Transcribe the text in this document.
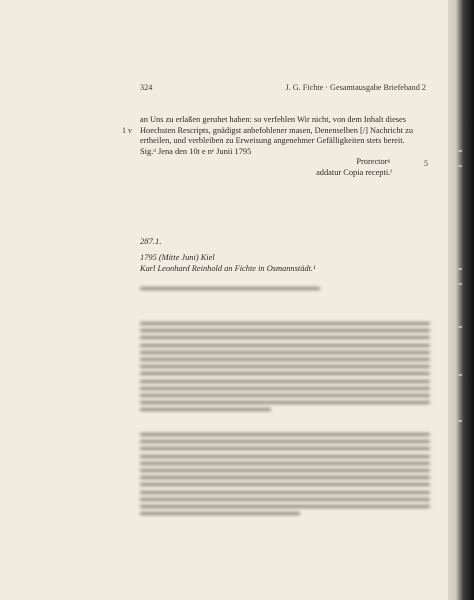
324	J. G. Fichte · Gesamtausgabe Briefeband 2
1 v
5

an Uns zu erlaßen geruhet haben: so verfehlen Wir nicht, von dem Inhalt dieses

Hoechsten Rescripts, gnädigst anbefohlener masen, Denenselben [/] Nachricht zu

ertheilen, und verbleiben zu Erweisung angenehmer Gefälligkeiten stets bereit.

Sig.ᵈ Jena den 10t e nᵉ Junii 1795

Prorectorᵍ

addatur Copia recepti.ᶠ

287.1.

1795 (Mitte Juni) Kiel

Karl Leonhard Reinhold an Fichte in Osmannstädt.¹
